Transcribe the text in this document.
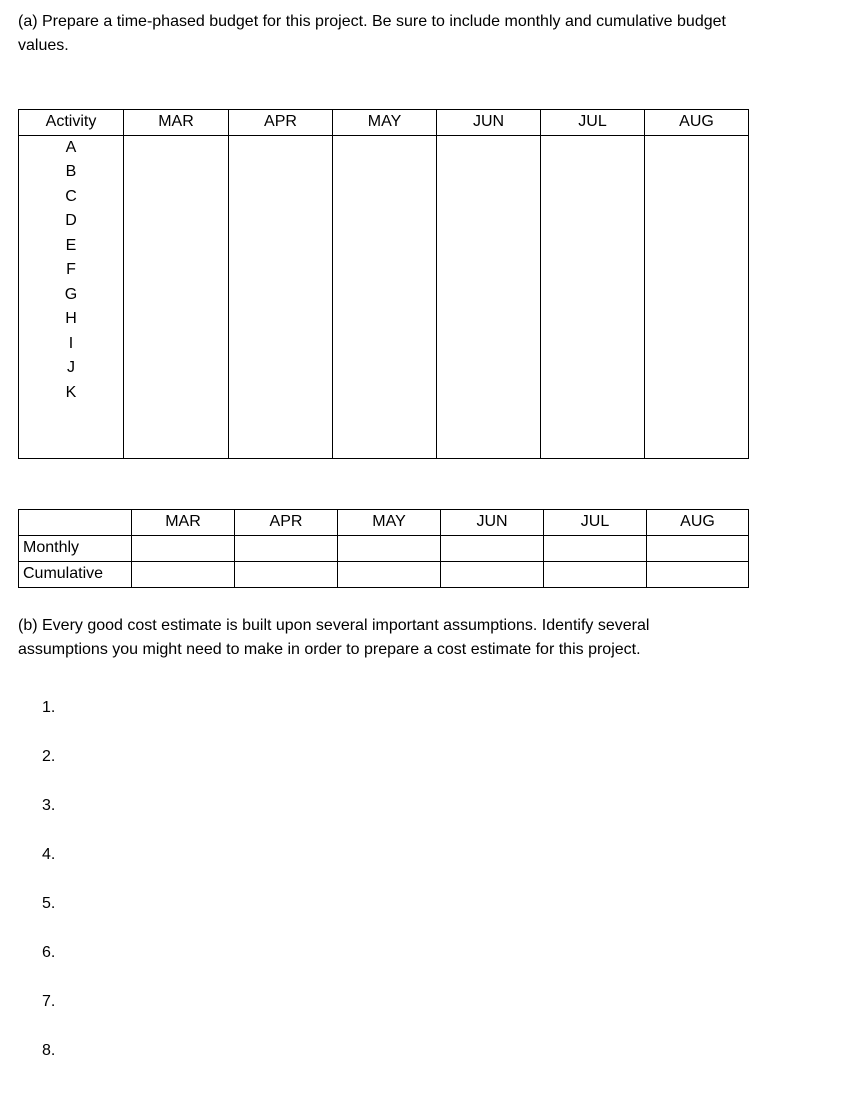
(a) Prepare a time-phased budget for this project. Be sure to include monthly and cumulative budget values.

Activity	MAR	APR	MAY	JUN	JUL	AUG

A
B
C
D
E
F
G
H
I
J
K

	MAR	APR	MAY	JUN	JUL	AUG
Monthly						
Cumulative						

(b) Every good cost estimate is built upon several important assumptions. Identify several assumptions you might need to make in order to prepare a cost estimate for this project.

1.
2.
3.
4.
5.
6.
7.
8.
